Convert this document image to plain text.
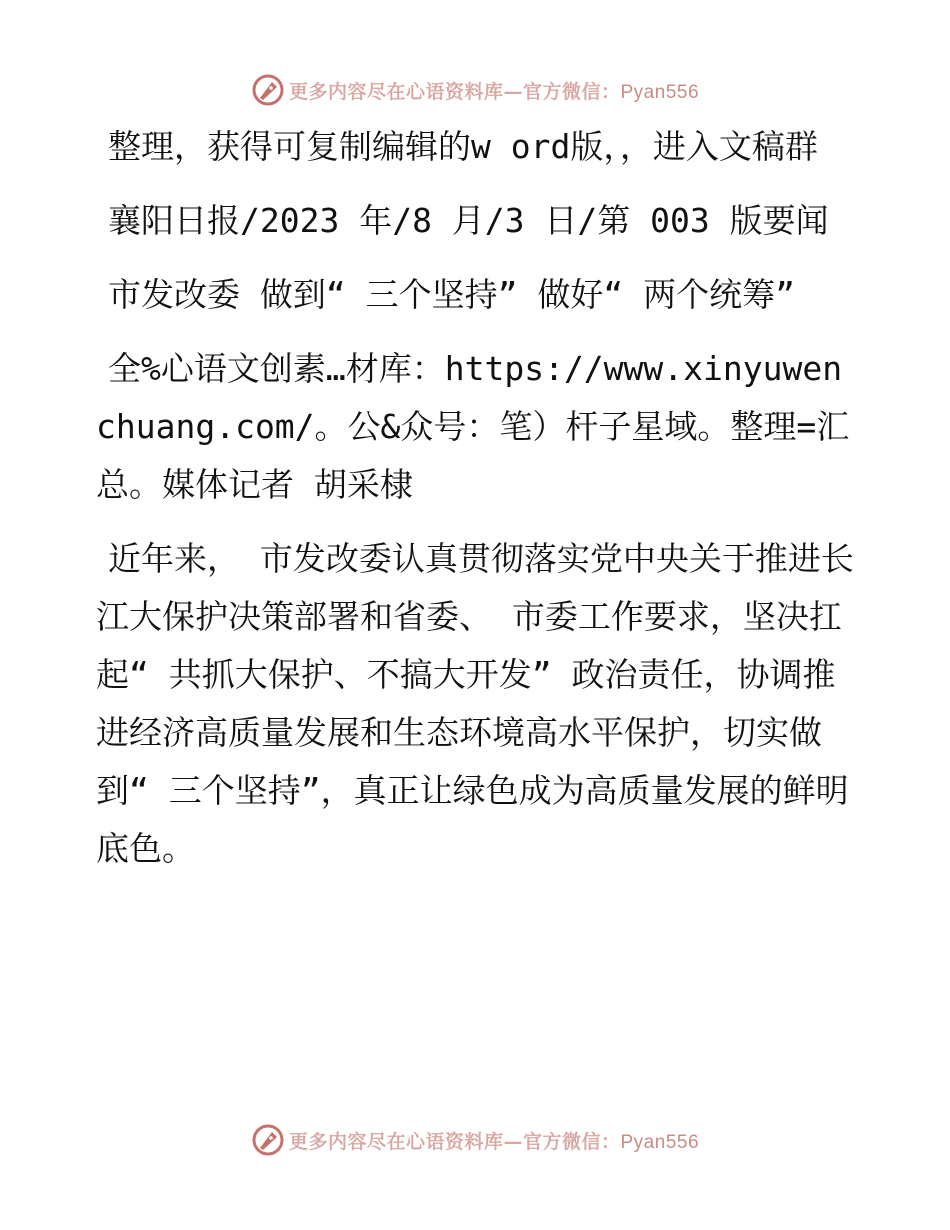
更多内容尽在心语资料库—官方微信：Pyan556

整理，获得可复制编辑的w ord版，，进入文稿群

襄阳日报/2023 年/8 月/3 日/第 003 版要闻

市发改委 做到“ 三个坚持” 做好“ 两个统筹”

全%心语文创素…材库：https://www.xinyuwenchuang.com/。公&众号：笔）杆子星域。整理=汇总。媒体记者 胡采棣

近年来， 市发改委认真贯彻落实党中央关于推进长江大保护决策部署和省委、 市委工作要求，坚决扛起“ 共抓大保护、不搞大开发” 政治责任，协调推进经济高质量发展和生态环境高水平保护，切实做到“ 三个坚持”，真正让绿色成为高质量发展的鲜明底色。

更多内容尽在心语资料库—官方微信：Pyan556
